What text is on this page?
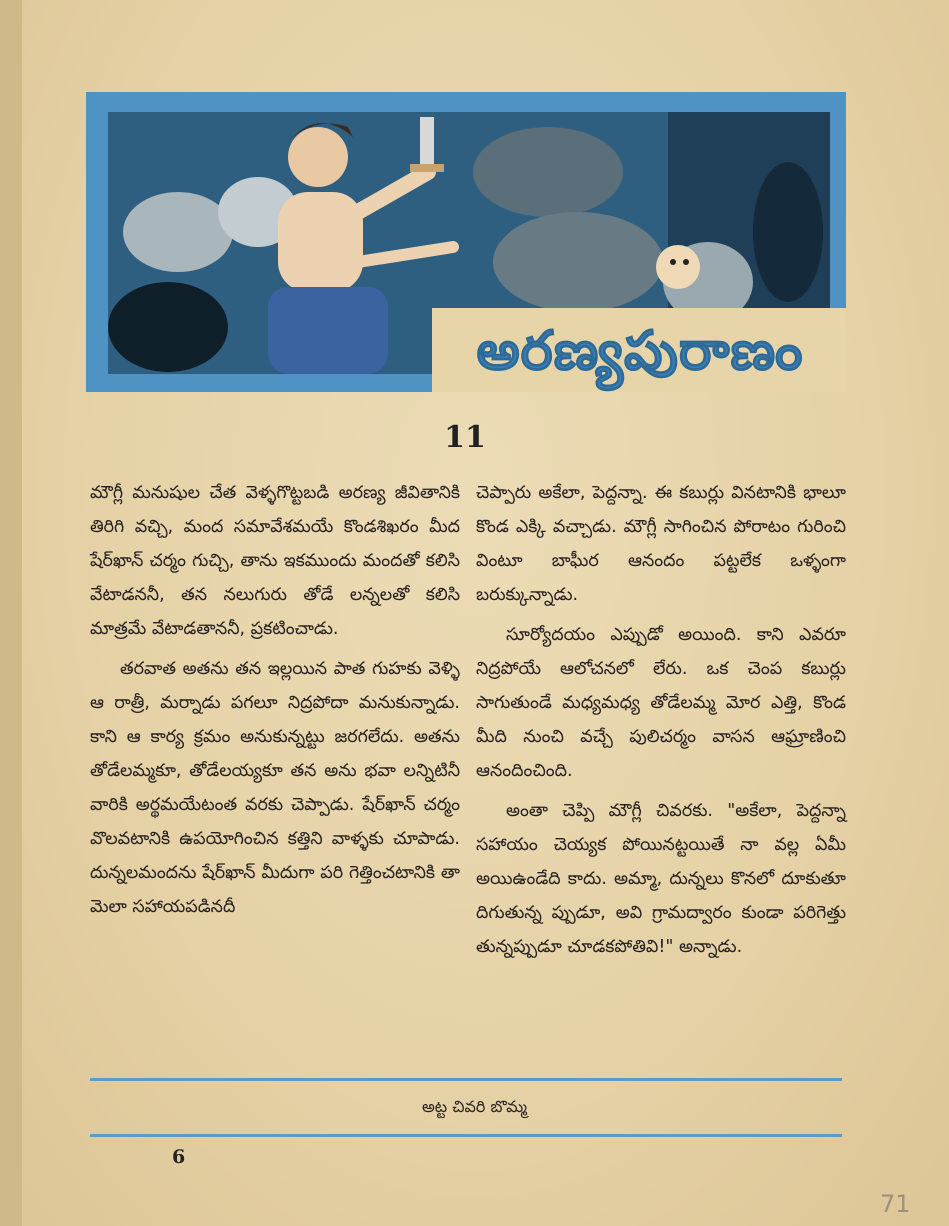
అరణ్యపురాణం
11

మౌగ్లీ మనుషుల చేత వెళ్ళగొట్టబడి అరణ్య జీవితానికి తిరిగి వచ్చి, మంద సమావేశమయే కొండశిఖరం మీద షేర్‌ఖాన్ చర్మం గుచ్చి, తాను ఇకముందు మందతో కలిసి వేటాడననీ, తన నలుగురు తోడే లన్నలతో కలిసి మాత్రమే వేటాడతాననీ, ప్రకటించాడు.

తరవాత అతను తన ఇల్లయిన పాత గుహకు వెళ్ళి ఆ రాత్రీ, మర్నాడు పగలూ నిద్రపోదా మనుకున్నాడు. కాని ఆ కార్య క్రమం అనుకున్నట్టు జరగలేదు. అతను తోడేలమ్మకూ, తోడేలయ్యకూ తన అను భవా లన్నిటినీ వారికి అర్థమయేటంత వరకు చెప్పాడు. షేర్‌ఖాన్ చర్మం వొలవటానికి ఉపయోగించిన కత్తిని వాళ్ళకు చూపాడు. దున్నలమందను షేర్‌ఖాన్ మీదుగా పరి గెత్తించటానికి తా మెలా సహాయపడినదీ

చెప్పారు అకేలా, పెద్దన్నా. ఈ కబుర్లు వినటానికి భాలూ కొండ ఎక్కి వచ్చాడు. మౌగ్లీ సాగించిన పోరాటం గురించి వింటూ బాఘీర ఆనందం పట్టలేక ఒళ్ళంగా బరుక్కున్నాడు.

సూర్యోదయం ఎప్పుడో అయింది. కాని ఎవరూ నిద్రపోయే ఆలోచనలో లేరు. ఒక చెంప కబుర్లు సాగుతుండే మధ్యమధ్య తోడేలమ్మ మోర ఎత్తి, కొండ మీది నుంచి వచ్చే పులిచర్మం వాసన ఆఘ్రాణించి ఆనందించింది.

అంతా చెప్పి మౌగ్లీ చివరకు. "అకేలా, పెద్దన్నా సహాయం చెయ్యక పోయినట్టయితే నా వల్ల ఏమీ అయిఉండేది కాదు. అమ్మా, దున్నలు కొనలో దూకుతూ దిగుతున్న ప్పుడూ, అవి గ్రామద్వారం కుండా పరిగెత్తు తున్నప్పుడూ చూడకపోతివి!" అన్నాడు.

అట్ట చివరి బొమ్మ
6
71
